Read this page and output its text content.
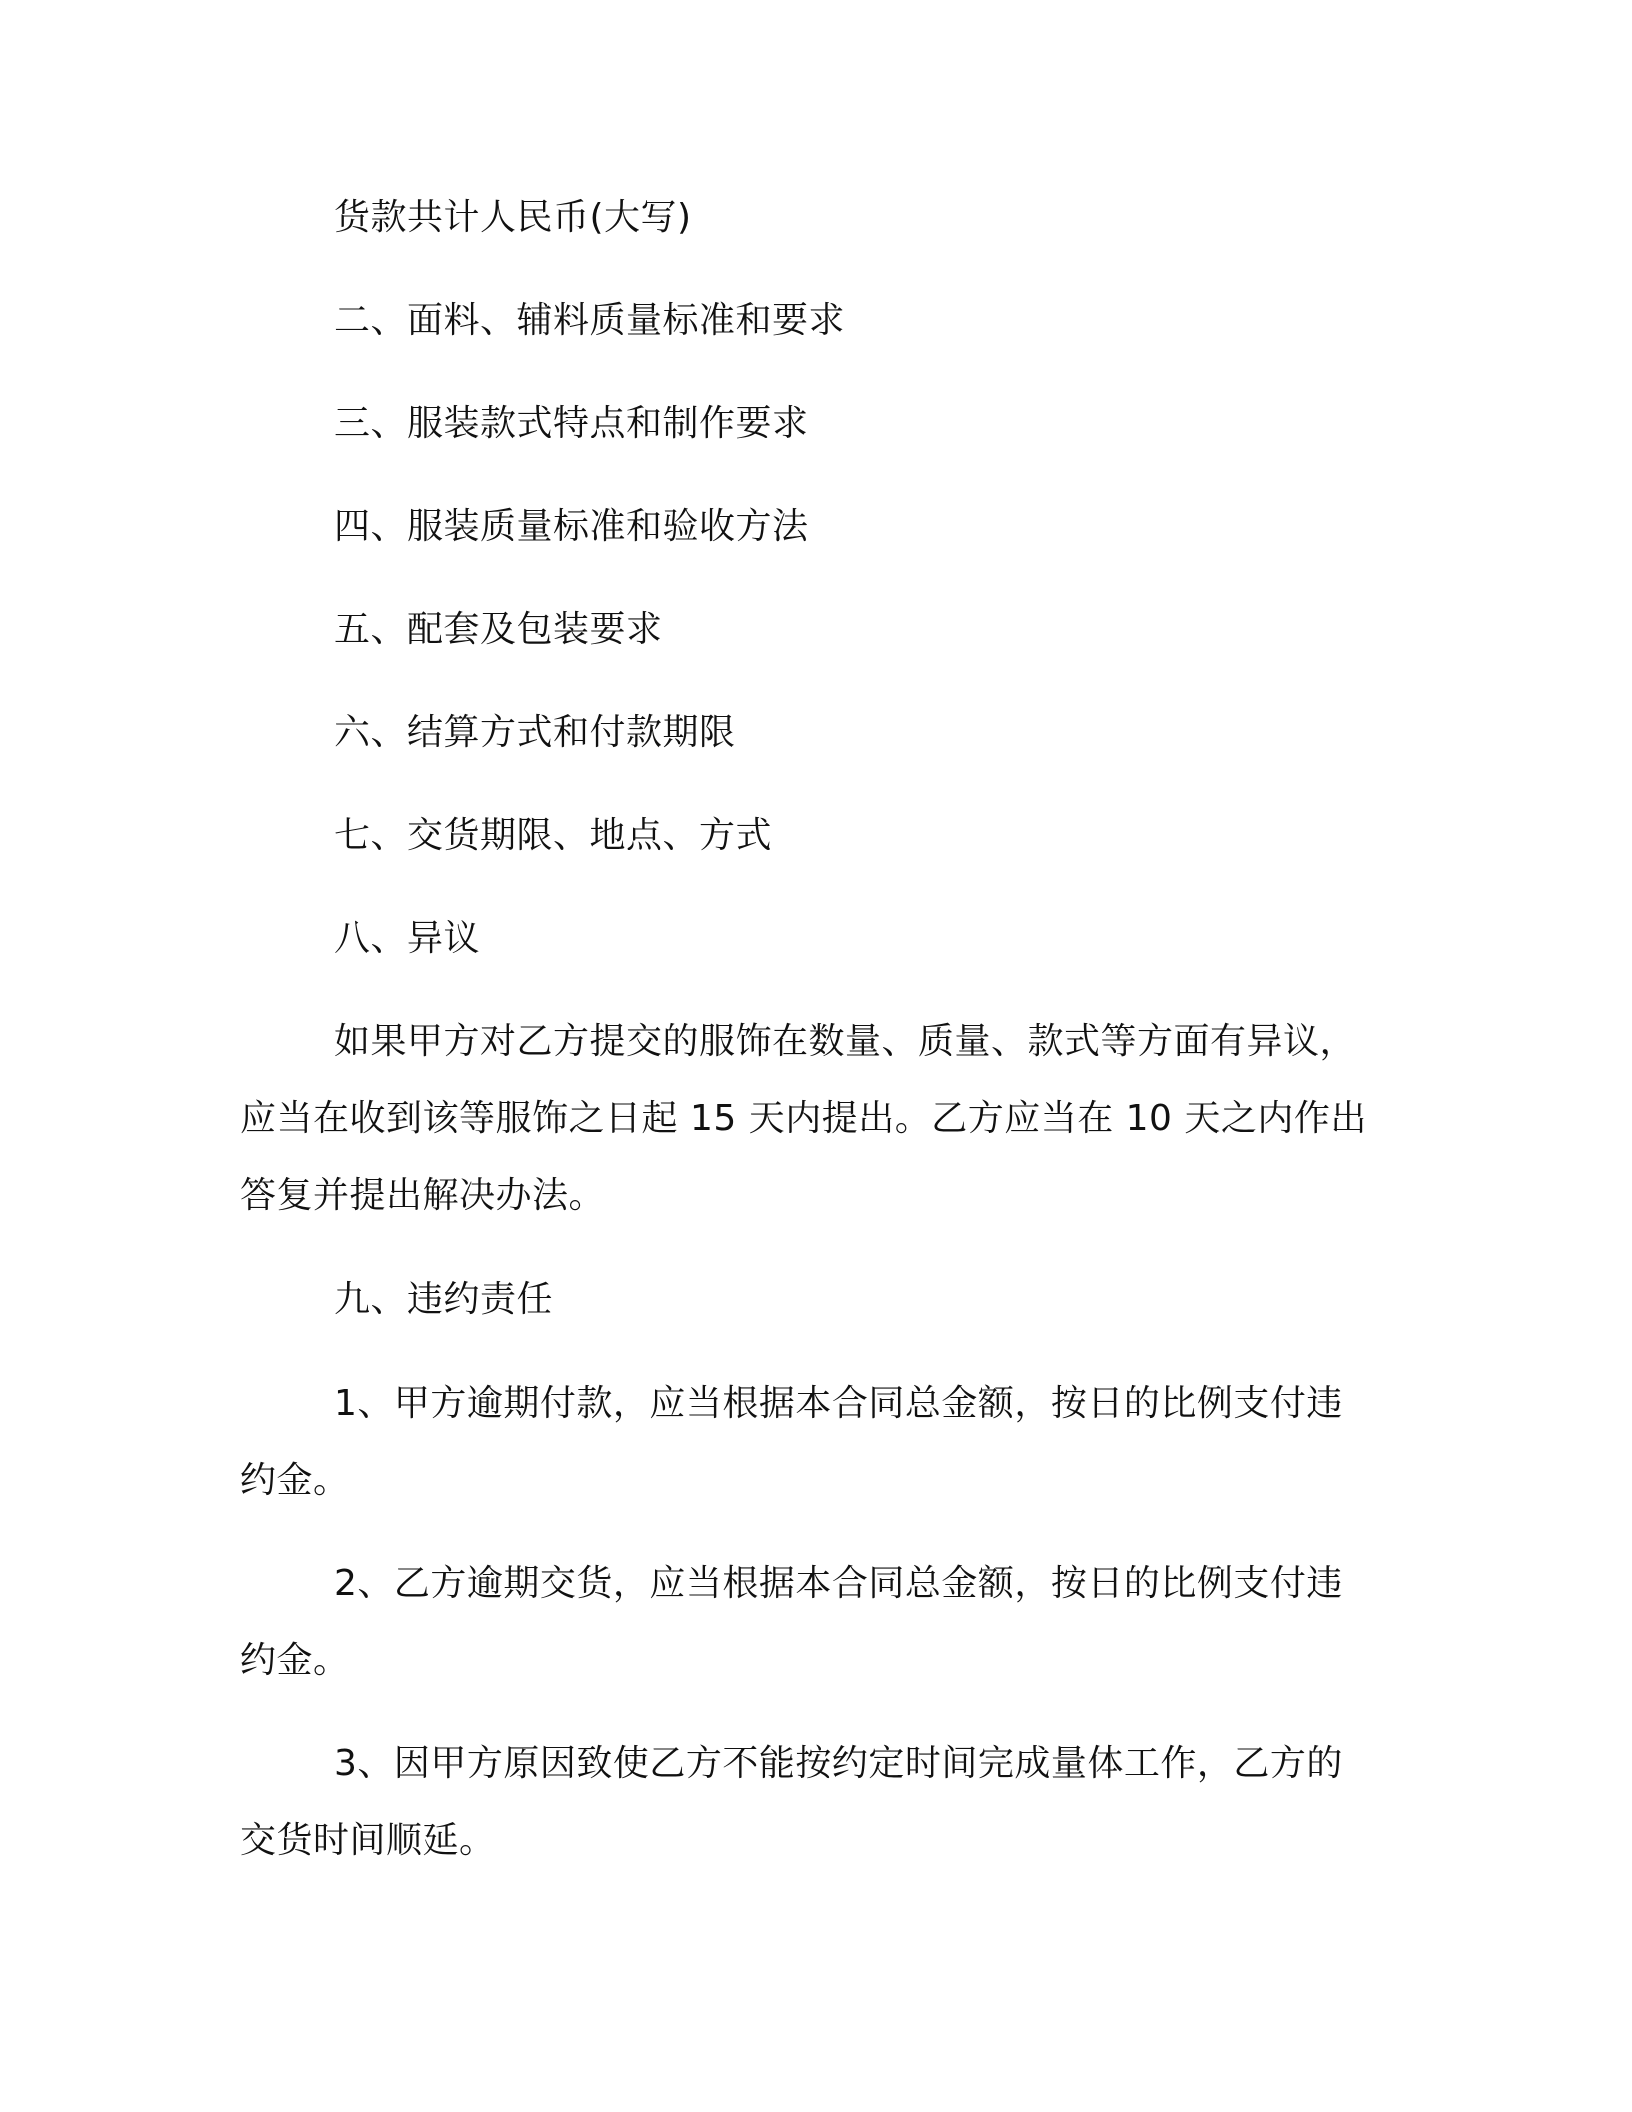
货款共计人民币(大写)
二、面料、辅料质量标准和要求
三、服装款式特点和制作要求
四、服装质量标准和验收方法
五、配套及包装要求
六、结算方式和付款期限
七、交货期限、地点、方式
八、异议
如果甲方对乙方提交的服饰在数量、质量、款式等方面有异议，应当在收到该等服饰之日起 15 天内提出。乙方应当在 10 天之内作出答复并提出解决办法。
九、违约责任
1、甲方逾期付款，应当根据本合同总金额，按日的比例支付违约金。
2、乙方逾期交货，应当根据本合同总金额，按日的比例支付违约金。
3、因甲方原因致使乙方不能按约定时间完成量体工作，乙方的交货时间顺延。
